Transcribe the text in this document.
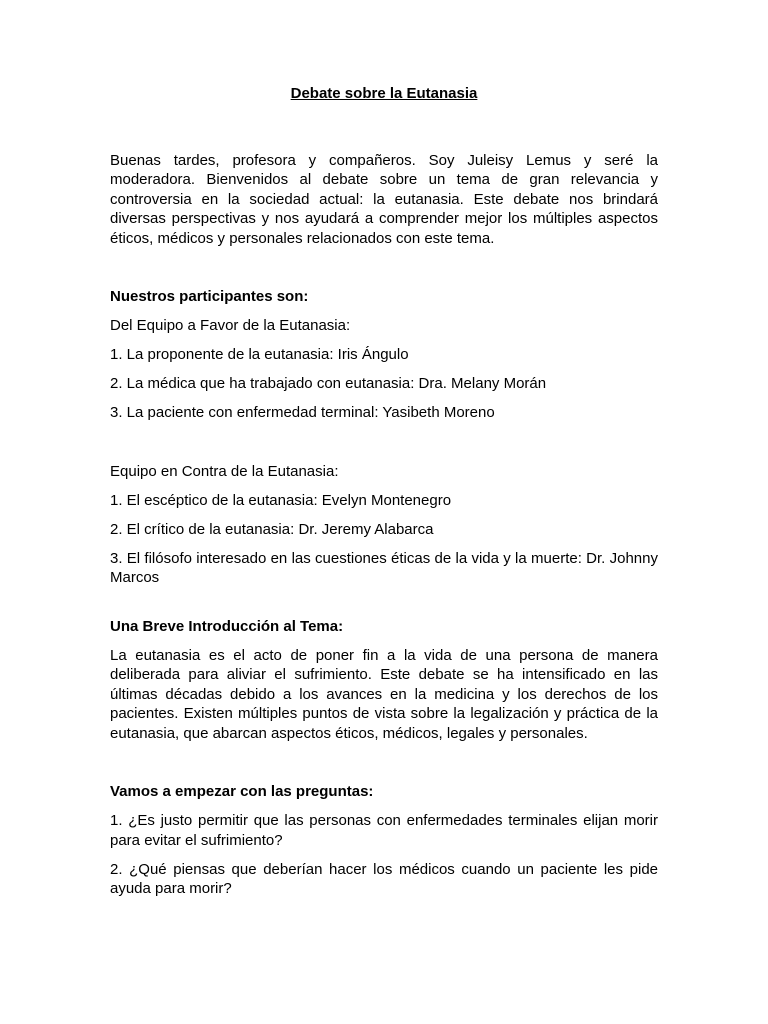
Debate sobre la Eutanasia

Buenas tardes, profesora y compañeros. Soy Juleisy Lemus y seré la moderadora. Bienvenidos al debate sobre un tema de gran relevancia y controversia en la sociedad actual: la eutanasia. Este debate nos brindará diversas perspectivas y nos ayudará a comprender mejor los múltiples aspectos éticos, médicos y personales relacionados con este tema.

Nuestros participantes son:

Del Equipo a Favor de la Eutanasia:

1. La proponente de la eutanasia: Iris Ángulo

2. La médica que ha trabajado con eutanasia: Dra. Melany Morán

3. La paciente con enfermedad terminal: Yasibeth Moreno

Equipo en Contra de la Eutanasia:

1. El escéptico de la eutanasia: Evelyn Montenegro

2. El crítico de la eutanasia: Dr. Jeremy Alabarca

3. El filósofo interesado en las cuestiones éticas de la vida y la muerte: Dr. Johnny Marcos

Una Breve Introducción al Tema:

La eutanasia es el acto de poner fin a la vida de una persona de manera deliberada para aliviar el sufrimiento. Este debate se ha intensificado en las últimas décadas debido a los avances en la medicina y los derechos de los pacientes. Existen múltiples puntos de vista sobre la legalización y práctica de la eutanasia, que abarcan aspectos éticos, médicos, legales y personales.

Vamos a empezar con las preguntas:

1. ¿Es justo permitir que las personas con enfermedades terminales elijan morir para evitar el sufrimiento?

2. ¿Qué piensas que deberían hacer los médicos cuando un paciente les pide ayuda para morir?
